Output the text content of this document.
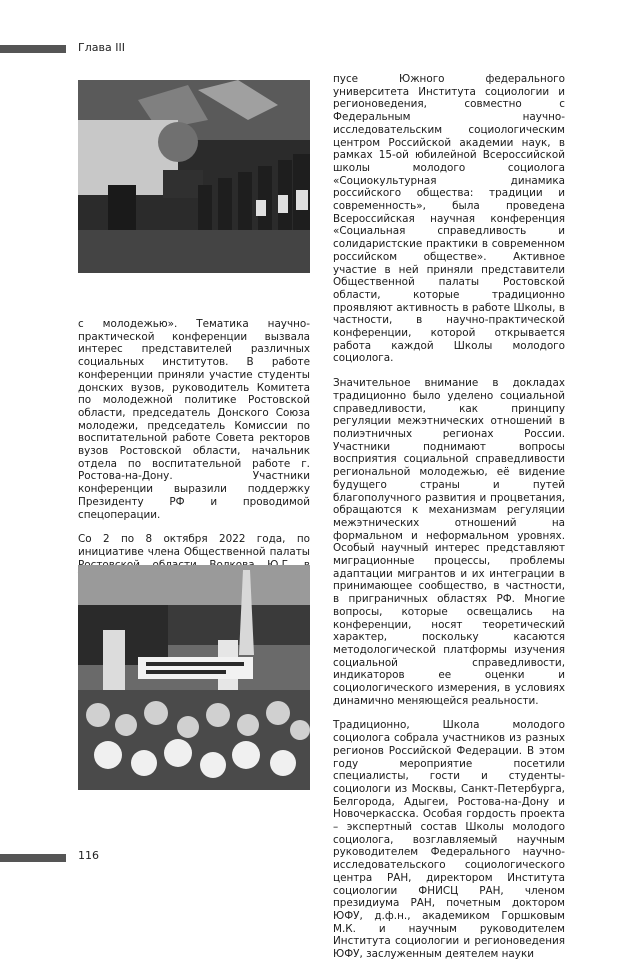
Глава III

с молодежью». Тематика научно-практической конференции вызвала интерес представителей различных социальных институтов. В работе конференции приняли участие студенты донских вузов, руководитель Комитета по молодежной политике Ростовской области, председатель Донского Союза молодежи, председатель Комиссии по воспитательной работе Совета ректоров вузов Ростовской области, начальник отдела по воспитательной работе г. Ростова-на-Дону. Участники конференции выразили поддержку Президенту РФ и проводимой спецоперации.

Со 2 по 8 октября 2022 года, по инициативе члена Общественной палаты

пусе Южного федерального университета Института социологии и регионоведения, совместно с Федеральным научно-исследовательским социологическим центром Российской академии наук, в рамках 15-ой юбилейной Всероссийской школы молодого социолога «Социокультурная динамика российского общества: традиции и современность», была проведена Всероссийская научная конференция «Социальная справедливость и солидаристские практики в современном российском обществе». Активное участие в ней приняли представители Общественной палаты Ростовской области, которые традиционно проявляют активность в работе Школы, в частности, в научно-практической конференции, которой открывается работа каждой Школы молодого социолога.

Значительное внимание в докладах традиционно было уделено социальной справедливости, как принципу регуляции межэтнических отношений в полиэтничных регионах России. Участники поднимают вопросы восприятия социальной справедливости региональной молодежью, её видение будущего страны и путей благополучного развития и процветания, обращаются к механизмам регуляции межэтнических отношений на формальном и неформальном уровнях. Особый научный интерес представляют миграционные процессы, проблемы адаптации мигрантов и их интеграции в принимающее сообщество, в частности, в приграничных областях РФ. Многие вопросы, которые освещались на конференции, носят теоретический характер, поскольку касаются методологической платформы изучения социальной справедливости, индикаторов ее оценки и социологического измерения, в условиях динамично меняющейся реальности.

Традиционно, Школа молодого социолога собрала участников из разных регионов Российской Федерации. В этом году мероприятие посетили специалисты, гости и студенты-социологи из Москвы, Санкт-Петербурга, Белгорода, Адыгеи, Ростова-на-Дону и Новочеркасска. Особая гордость проекта – экспертный состав Школы молодого социолога, возглавляемый научным руководителем Федерального научно-исследовательского социологического центра РАН, директором Института социологии ФНИСЦ РАН, членом президиума РАН, почетным доктором ЮФУ, д.ф.н., академиком Горшковым М.К. и научным руководителем Института социологии и регионоведения ЮФУ, заслуженным деятелем науки

116
